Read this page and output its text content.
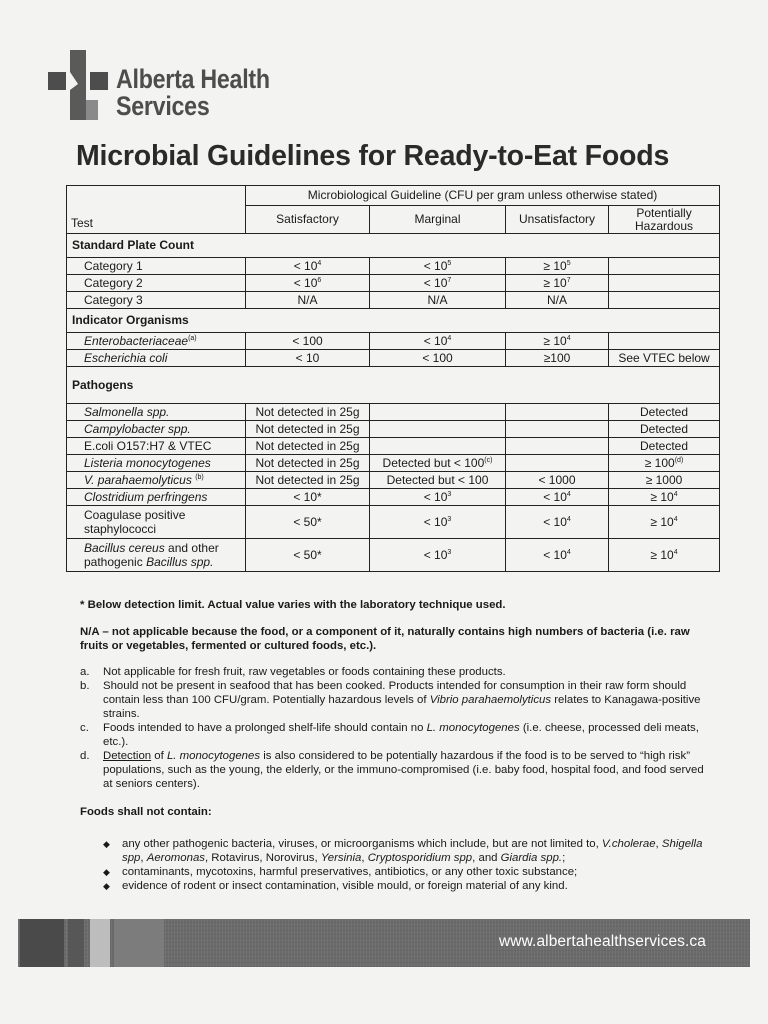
Alberta Health
Services
Microbial Guidelines for Ready-to-Eat Foods
Test	Microbiological Guideline (CFU per gram unless otherwise stated)			
	Satisfactory	Marginal	Unsatisfactory	Potentially
Hazardous
Standard Plate Count				
Category 1	< $10^4$	< $10^5$	≥ $10^5$	
Category 2	< $10^6$	< $10^7$	≥ $10^7$	
Category 3	N/A	N/A	N/A	
Indicator Organisms				
Enterobacteriaceae$^{(a)}$	< 100	< $10^4$	≥ $10^4$	
Escherichia coli	< 10	< 100	≥100	See VTEC below
Pathogens				
Salmonella spp.	Not detected in 25g			Detected
Campylobacter spp.	Not detected in 25g			Detected
E.coli O157:H7 & VTEC	Not detected in 25g			Detected
Listeria monocytogenes	Not detected in 25g	Detected but < $100^{(c)}$		≥ $100^{(d)}$
V. parahaemolyticus $^{(b)}$	Not detected in 25g	Detected but < 100	< 1000	≥ 1000
Clostridium perfringens	< 10*	< $10^3$	< $10^4$	≥ $10^4$
Coagulase positive
staphylococci	< 50*	< $10^3$	< $10^4$	≥ $10^4$
Bacillus cereus and other
pathogenic Bacillus spp.	< 50*	< $10^3$	< $10^4$	≥ $10^4$

* Below detection limit. Actual value varies with the laboratory technique used.

N/A – not applicable because the food, or a component of it, naturally contains high numbers of bacteria (i.e. raw fruits or vegetables, fermented or cultured foods, etc.).

a. Not applicable for fresh fruit, raw vegetables or foods containing these products.
b. Should not be present in seafood that has been cooked. Products intended for consumption in their raw form should contain less than 100 CFU/gram. Potentially hazardous levels of Vibrio parahaemolyticus relates to Kanagawa-positive strains.
c. Foods intended to have a prolonged shelf-life should contain no L. monocytogenes (i.e. cheese, processed deli meats, etc.).
d. Detection of L. monocytogenes is also considered to be potentially hazardous if the food is to be served to “high risk” populations, such as the young, the elderly, or the immuno-compromised (i.e. baby food, hospital food, and food served at seniors centers).

Foods shall not contain:

◆ any other pathogenic bacteria, viruses, or microorganisms which include, but are not limited to, V.cholerae, Shigella spp, Aeromonas, Rotavirus, Norovirus, Yersinia, Cryptosporidium spp, and Giardia spp.;
◆ contaminants, mycotoxins, harmful preservatives, antibiotics, or any other toxic substance;
◆ evidence of rodent or insect contamination, visible mould, or foreign material of any kind.
www.albertahealthservices.ca
